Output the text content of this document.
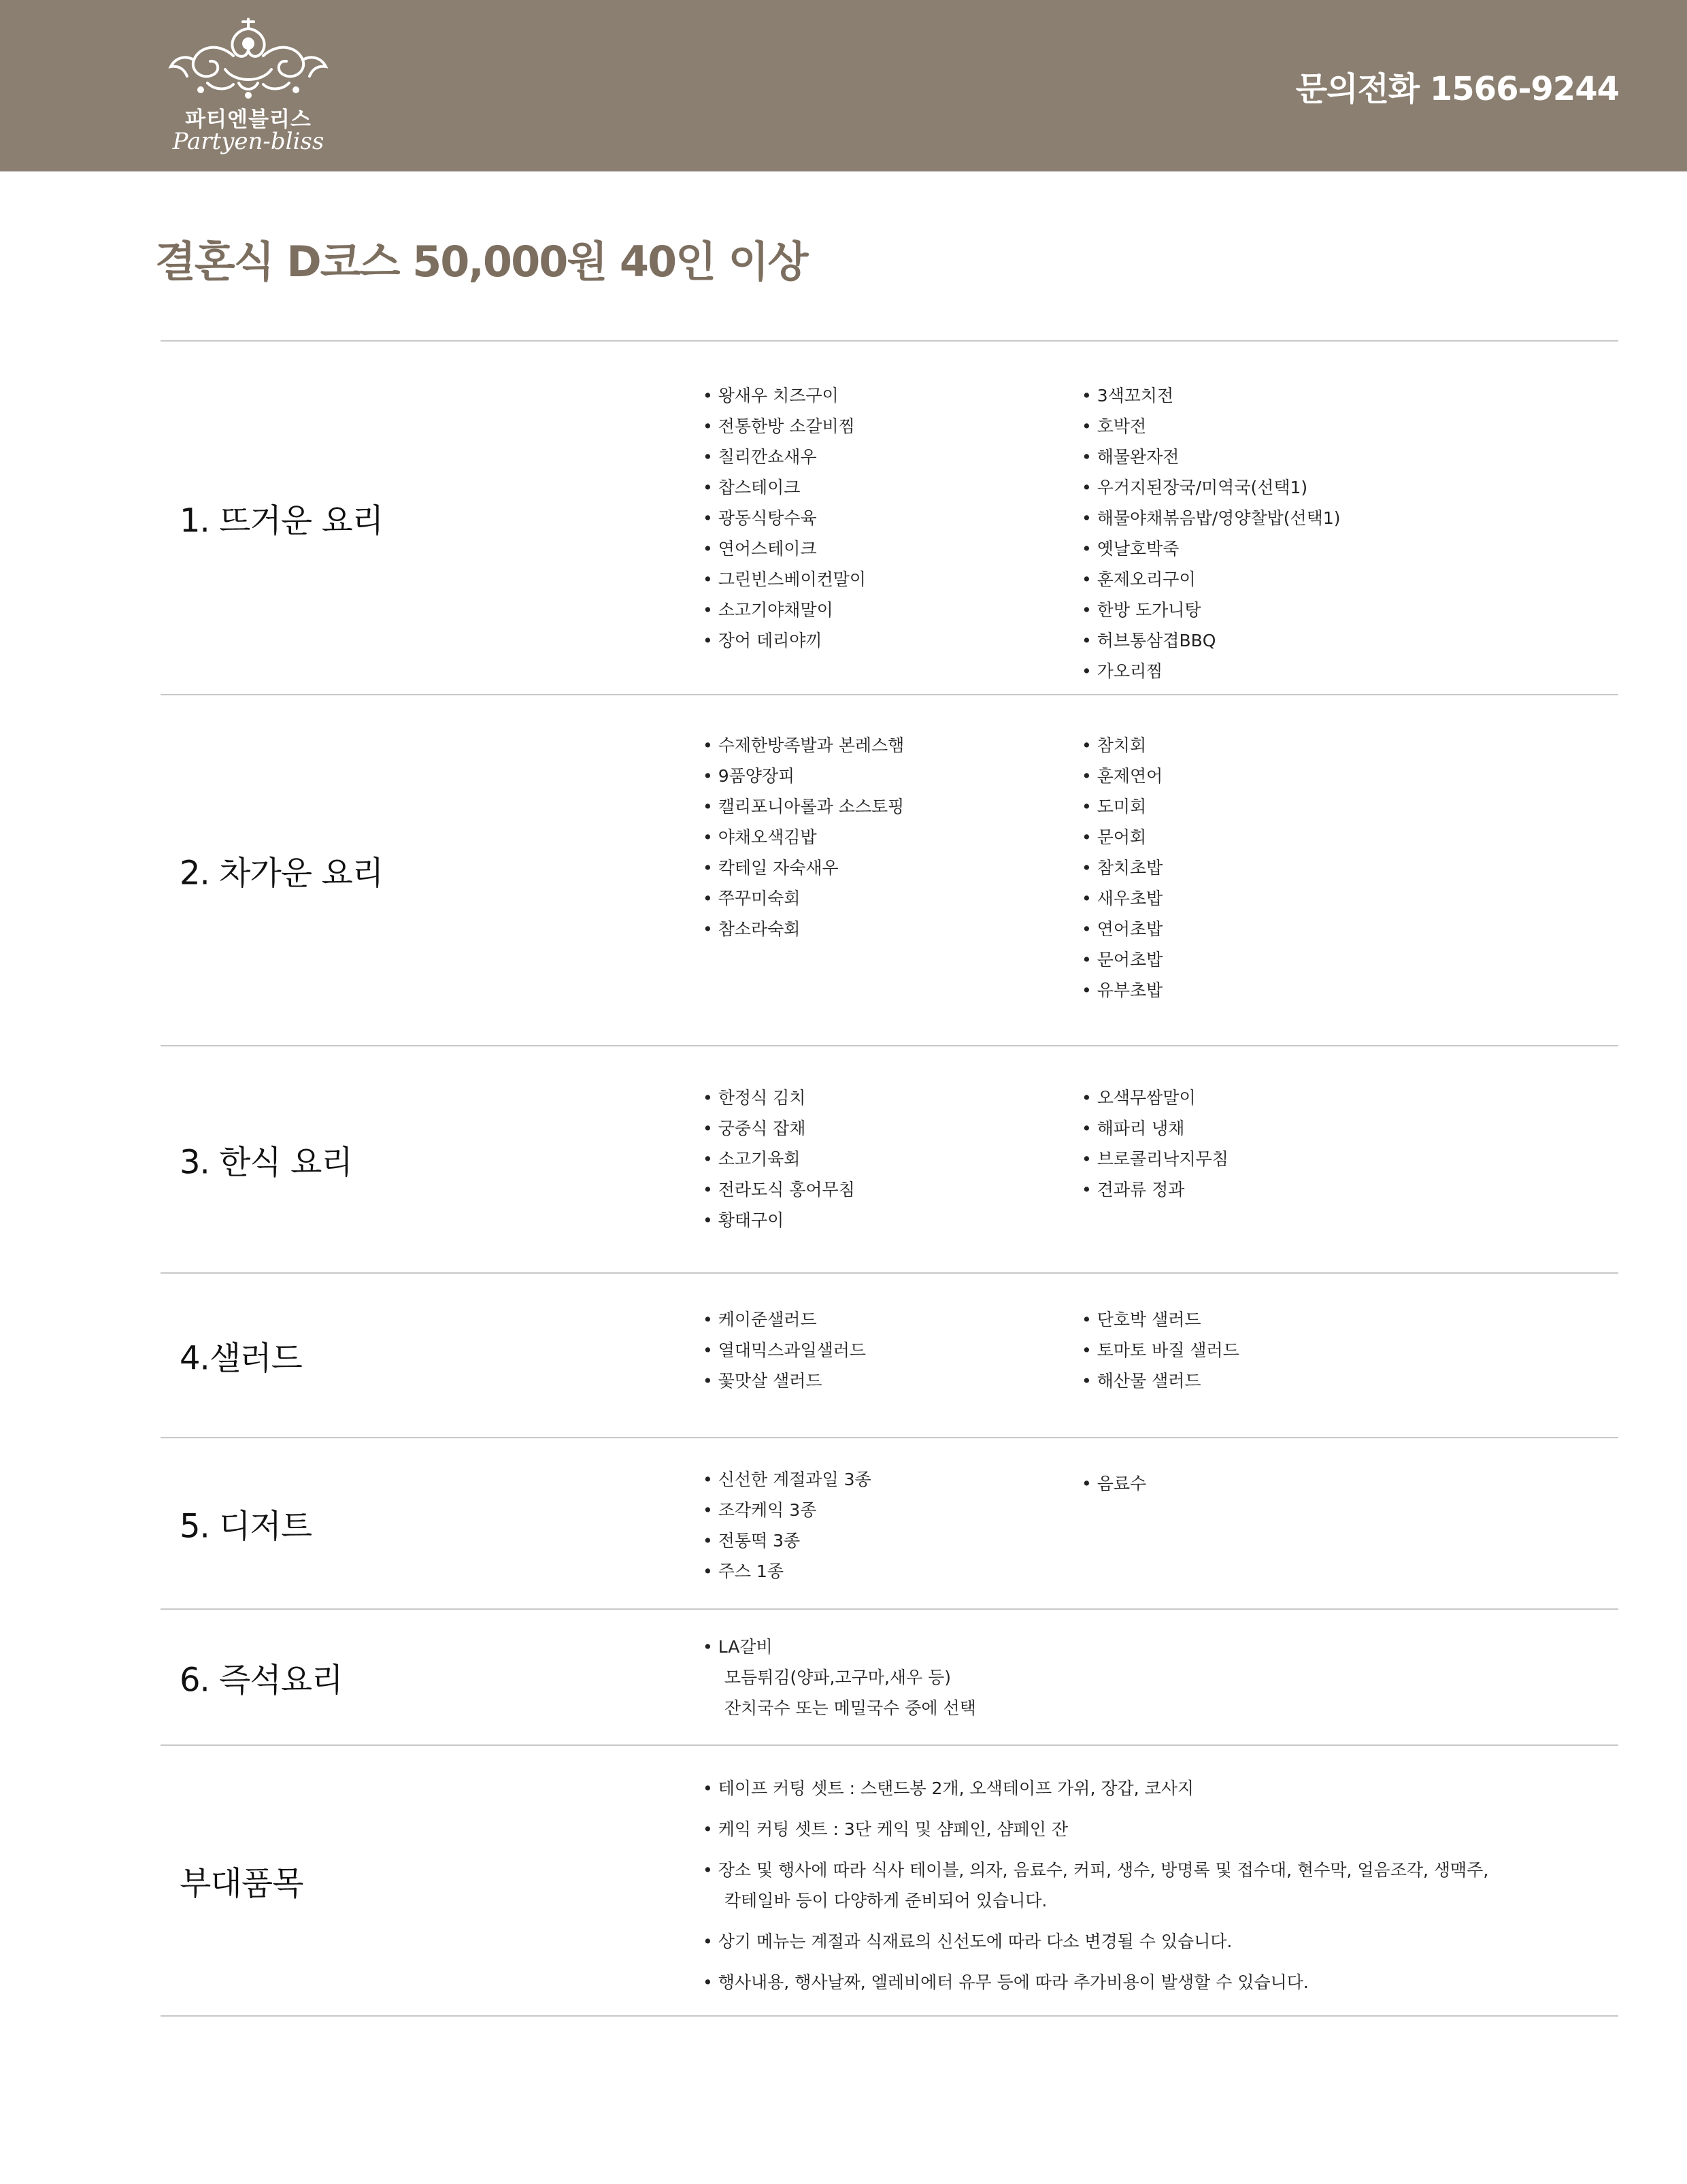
파티엔블리스
Partyen-bliss
문의전화 1566-9244
결혼식 D코스 50,000원 40인 이상
1. 뜨거운 요리
• 왕새우 치즈구이
• 전통한방 소갈비찜
• 칠리깐쇼새우
• 찹스테이크
• 광동식탕수육
• 연어스테이크
• 그린빈스베이컨말이
• 소고기야채말이
• 장어 데리야끼
• 3색꼬치전
• 호박전
• 해물완자전
• 우거지된장국/미역국(선택1)
• 해물야채볶음밥/영양찰밥(선택1)
• 옛날호박죽
• 훈제오리구이
• 한방 도가니탕
• 허브통삼겹BBQ
• 가오리찜
2. 차가운 요리
• 수제한방족발과 본레스햄
• 9품양장피
• 캘리포니아롤과 소스토핑
• 야채오색김밥
• 칵테일 자숙새우
• 쭈꾸미숙회
• 참소라숙회
• 참치회
• 훈제연어
• 도미회
• 문어회
• 참치초밥
• 새우초밥
• 연어초밥
• 문어초밥
• 유부초밥
3. 한식 요리
• 한정식 김치
• 궁중식 잡채
• 소고기육회
• 전라도식 홍어무침
• 황태구이
• 오색무쌈말이
• 해파리 냉채
• 브로콜리낙지무침
• 견과류 정과
4.샐러드
• 케이준샐러드
• 열대믹스과일샐러드
• 꽃맛살 샐러드
• 단호박 샐러드
• 토마토 바질 샐러드
• 해산물 샐러드
5. 디저트
• 신선한 계절과일 3종
• 조각케익 3종
• 전통떡 3종
• 주스 1종
• 음료수
6. 즉석요리
• LA갈비
모듬튀김(양파,고구마,새우 등)
잔치국수 또는 메밀국수 중에 선택
부대품목
• 테이프 커팅 셋트 : 스탠드봉 2개, 오색테이프 가위, 장갑, 코사지
• 케익 커팅 셋트 : 3단 케익 및 샴페인, 샴페인 잔
• 장소 및 행사에 따라 식사 테이블, 의자, 음료수, 커피, 생수, 방명록 및 접수대, 현수막, 얼음조각, 생맥주,
칵테일바 등이 다양하게 준비되어 있습니다.
• 상기 메뉴는 계절과 식재료의 신선도에 따라 다소 변경될 수 있습니다.
• 행사내용, 행사날짜, 엘레비에터 유무 등에 따라 추가비용이 발생할 수 있습니다.
